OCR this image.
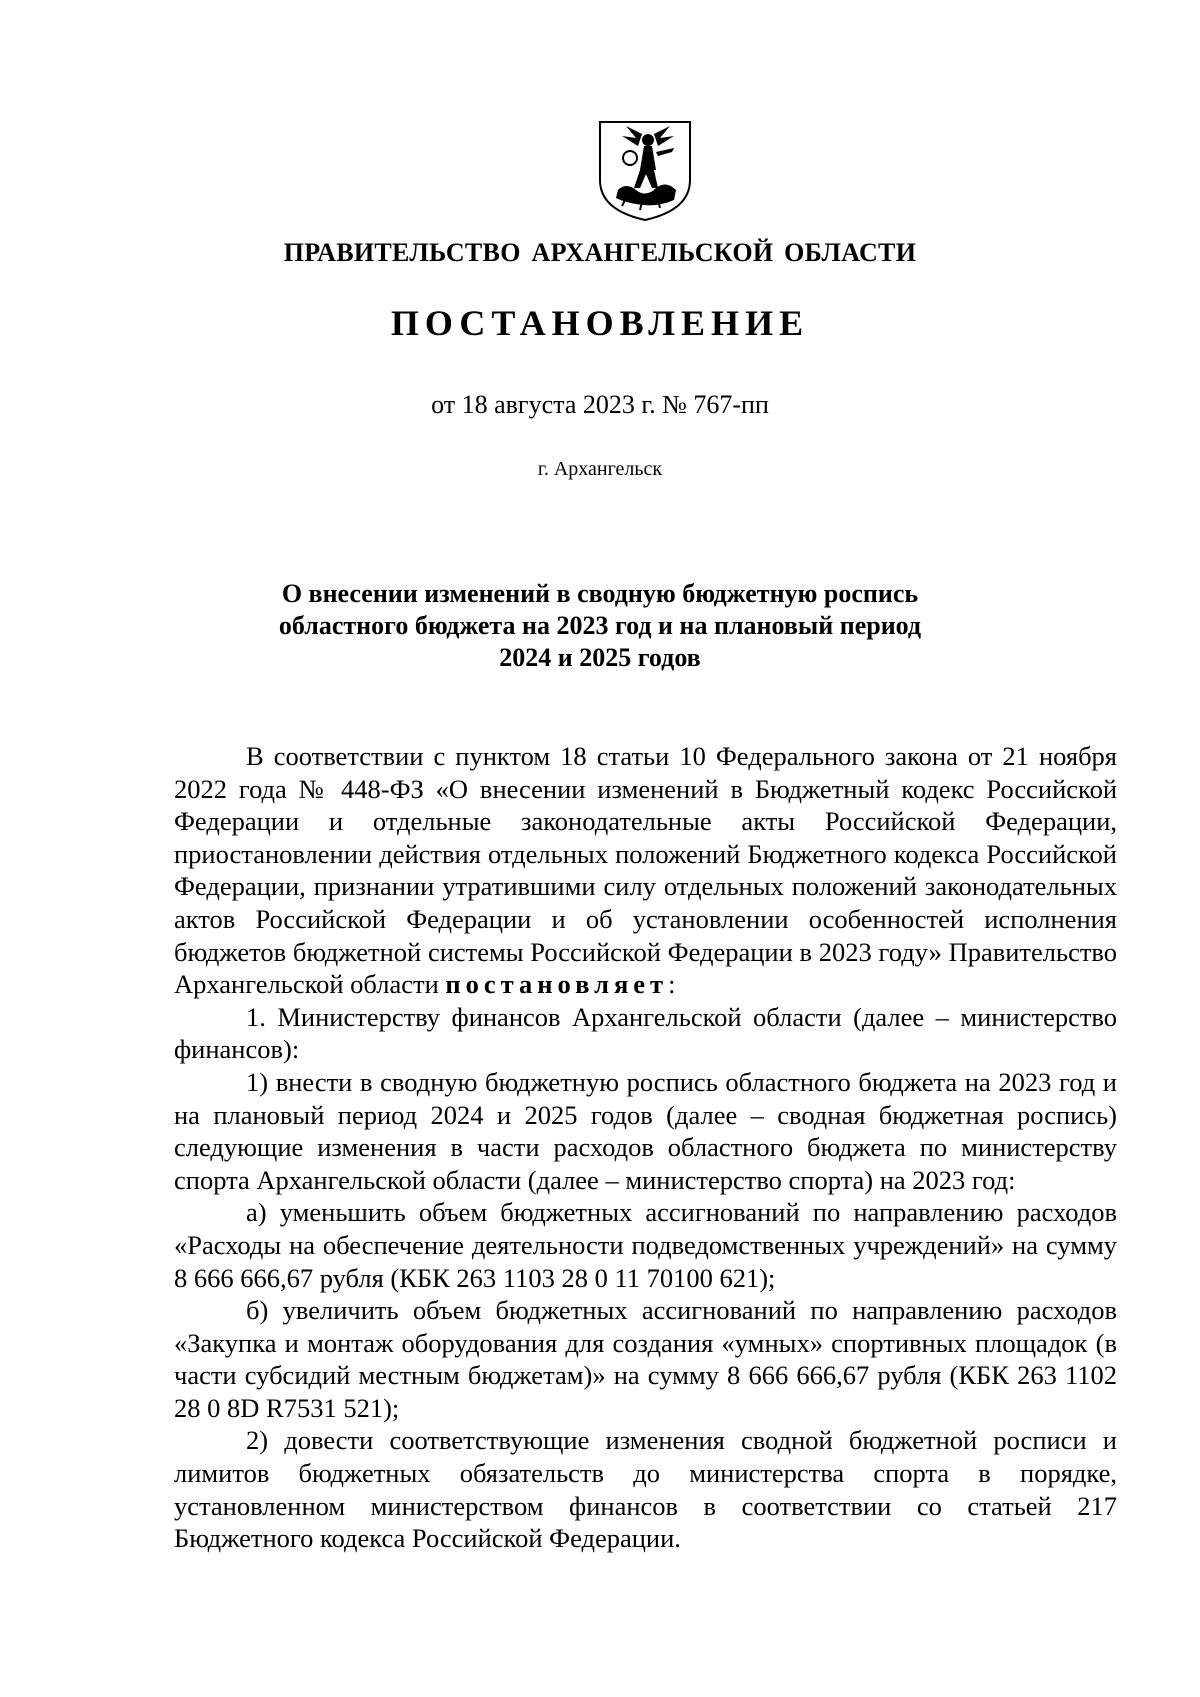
ПРАВИТЕЛЬСТВО АРХАНГЕЛЬСКОЙ ОБЛАСТИ
ПОСТАНОВЛЕНИЕ
от 18 августа 2023 г. № 767-пп
г. Архангельск
О внесении изменений в сводную бюджетную роспись
областного бюджета на 2023 год и на плановый период
2024 и 2025 годов

В соответствии с пунктом 18 статьи 10 Федерального закона от 21 ноября 2022 года № 448-ФЗ «О внесении изменений в Бюджетный кодекс Российской Федерации и отдельные законодательные акты Российской Федерации, приостановлении действия отдельных положений Бюджетного кодекса Российской Федерации, признании утратившими силу отдельных положений законодательных актов Российской Федерации и об установлении особенностей исполнения бюджетов бюджетной системы Российской Федерации в 2023 году» Правительство Архангельской области постановляет:

1. Министерству финансов Архангельской области (далее – министерство финансов):

1) внести в сводную бюджетную роспись областного бюджета на 2023 год и на плановый период 2024 и 2025 годов (далее – сводная бюджетная роспись) следующие изменения в части расходов областного бюджета по министерству спорта Архангельской области (далее – министерство спорта) на 2023 год:

а) уменьшить объем бюджетных ассигнований по направлению расходов «Расходы на обеспечение деятельности подведомственных учреждений» на сумму 8 666 666,67 рубля (КБК 263 1103 28 0 11 70100 621);

б) увеличить объем бюджетных ассигнований по направлению расходов «Закупка и монтаж оборудования для создания «умных» спортивных площадок (в части субсидий местным бюджетам)» на сумму 8 666 666,67 рубля (КБК 263 1102 28 0 8D R7531 521);

2) довести соответствующие изменения сводной бюджетной росписи и лимитов бюджетных обязательств до министерства спорта в порядке, установленном министерством финансов в соответствии со статьей 217 Бюджетного кодекса Российской Федерации.
